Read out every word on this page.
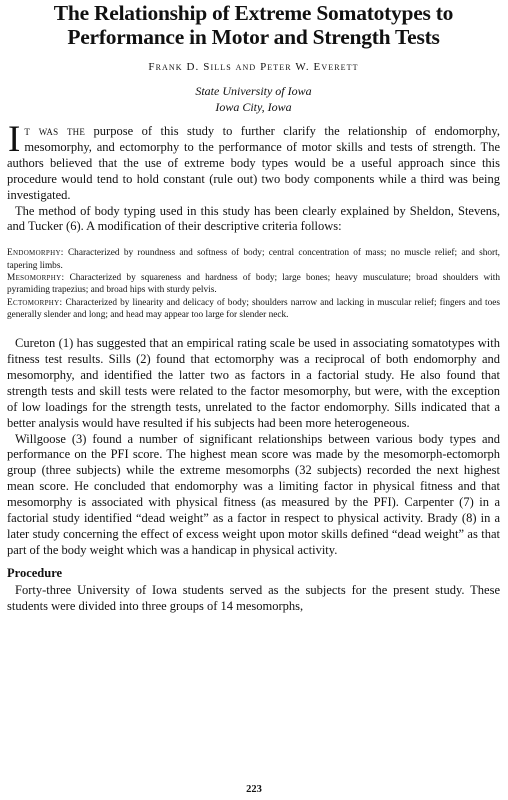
The Relationship of Extreme Somatotypes to Performance in Motor and Strength Tests
Frank D. Sills and Peter W. Everett
State University of Iowa
Iowa City, Iowa

It was the purpose of this study to further clarify the relationship of endomorphy, mesomorphy, and ectomorphy to the performance of motor skills and tests of strength. The authors believed that the use of extreme body types would be a useful approach since this procedure would tend to hold constant (rule out) two body components while a third was being investigated.

The method of body typing used in this study has been clearly explained by Sheldon, Stevens, and Tucker (6). A modification of their descriptive criteria follows:

Endomorphy: Characterized by roundness and softness of body; central concentration of mass; no muscle relief; and short, tapering limbs.

Mesomorphy: Characterized by squareness and hardness of body; large bones; heavy musculature; broad shoulders with pyramiding trapezius; and broad hips with sturdy pelvis.

Ectomorphy: Characterized by linearity and delicacy of body; shoulders narrow and lacking in muscular relief; fingers and toes generally slender and long; and head may appear too large for slender neck.

Cureton (1) has suggested that an empirical rating scale be used in associating somatotypes with fitness test results. Sills (2) found that ectomorphy was a reciprocal of both endomorphy and mesomorphy, and identified the latter two as factors in a factorial study. He also found that strength tests and skill tests were related to the factor mesomorphy, but were, with the exception of low loadings for the strength tests, unrelated to the factor endomorphy. Sills indicated that a better analysis would have resulted if his subjects had been more heterogeneous.

Willgoose (3) found a number of significant relationships between various body types and performance on the PFI score. The highest mean score was made by the mesomorph-ectomorph group (three subjects) while the extreme mesomorphs (32 subjects) recorded the next highest mean score. He concluded that endomorphy was a limiting factor in physical fitness and that mesomorphy is associated with physical fitness (as measured by the PFI). Carpenter (7) in a factorial study identified “dead weight” as a factor in respect to physical activity. Brady (8) in a later study concerning the effect of excess weight upon motor skills defined “dead weight” as that part of the body weight which was a handicap in physical activity.

Procedure

Forty-three University of Iowa students served as the subjects for the present study. These students were divided into three groups of 14 mesomorphs,

223
